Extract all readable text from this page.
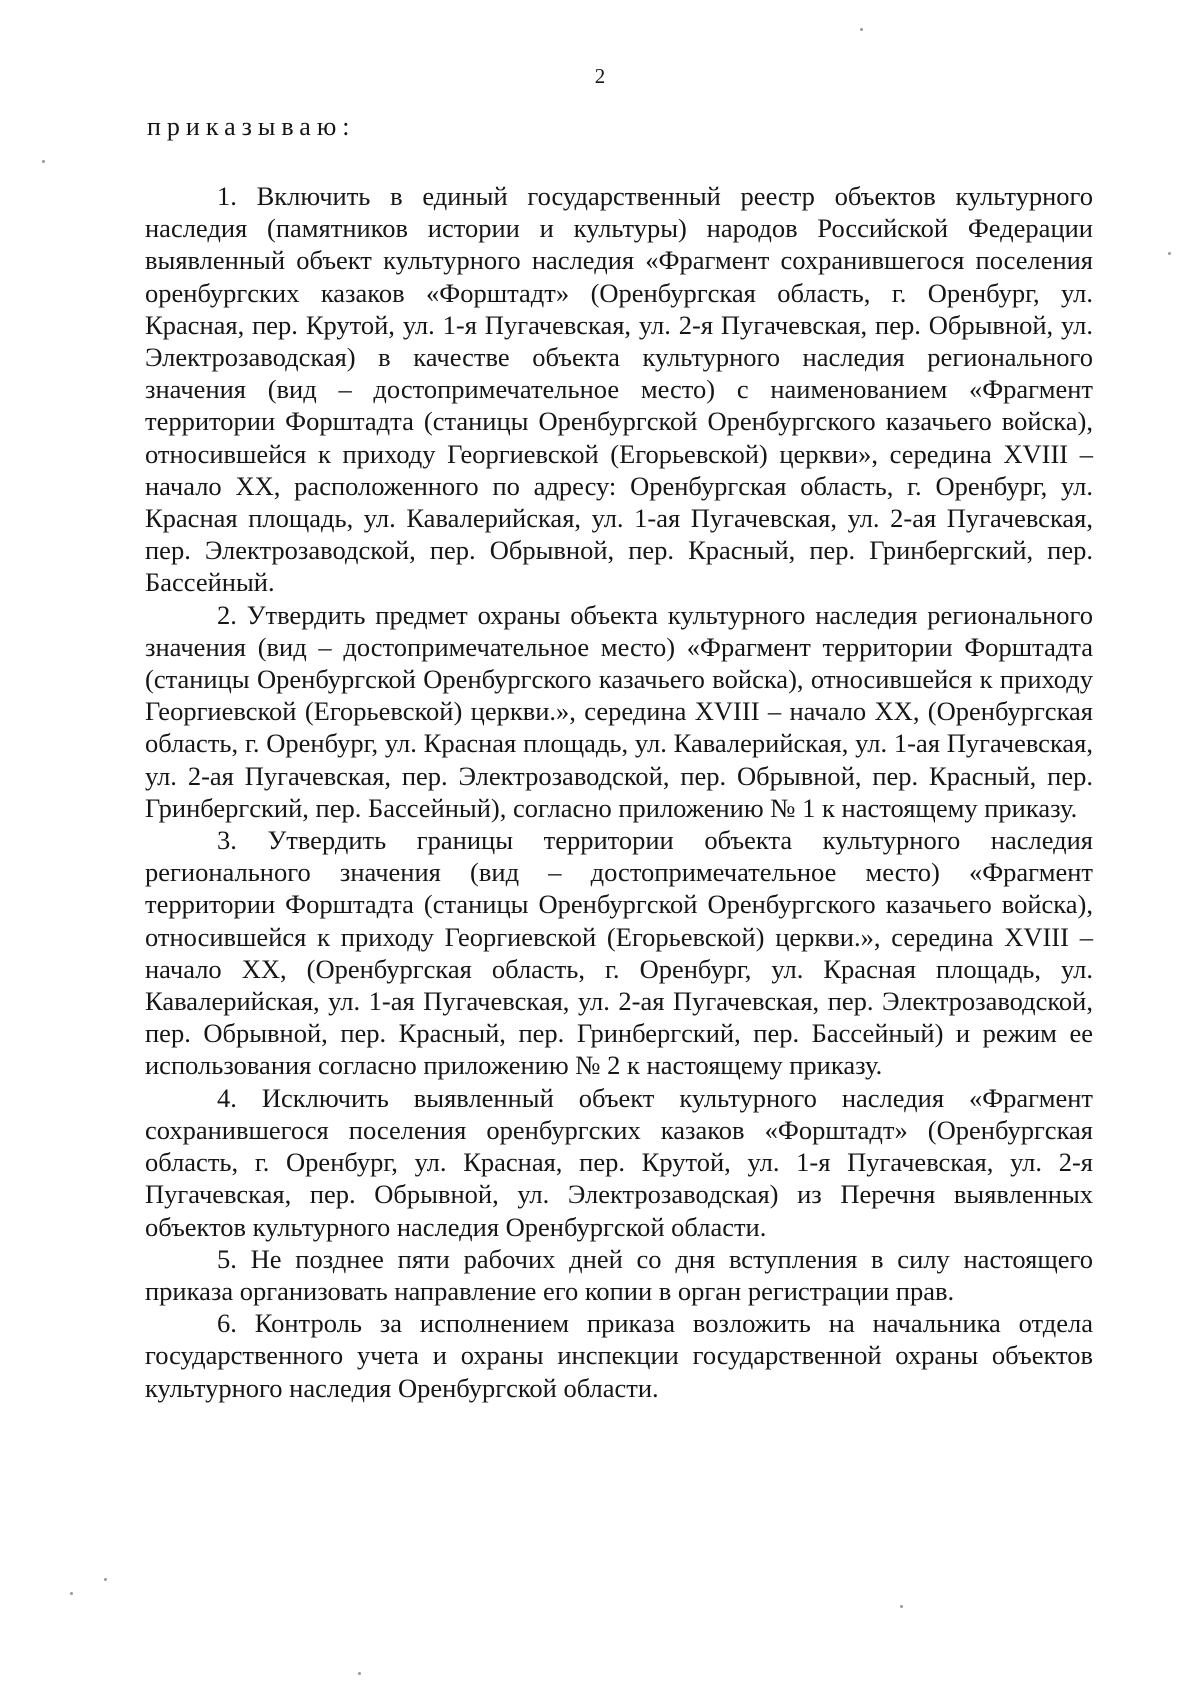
2
приказываю:

1. Включить в единый государственный реестр объектов культурного наследия (памятников истории и культуры) народов Российской Федерации выявленный объект культурного наследия «Фрагмент сохранившегося поселения оренбургских казаков «Форштадт» (Оренбургская область, г. Оренбург, ул. Красная, пер. Крутой, ул. 1-я Пугачевская, ул. 2-я Пугачевская, пер. Обрывной, ул. Электрозаводская) в качестве объекта культурного наследия регионального значения (вид – достопримечательное место) с наименованием «Фрагмент территории Форштадта (станицы Оренбургской Оренбургского казачьего войска), относившейся к приходу Георгиевской (Егорьевской) церкви», середина XVIII – начало XX, расположенного по адресу: Оренбургская область, г. Оренбург, ул. Красная площадь, ул. Кавалерийская, ул. 1-ая Пугачевская, ул. 2-ая Пугачевская, пер. Электрозаводской, пер. Обрывной, пер. Красный, пер. Гринбергский, пер. Бассейный.

2. Утвердить предмет охраны объекта культурного наследия регионального значения (вид – достопримечательное место) «Фрагмент территории Форштадта (станицы Оренбургской Оренбургского казачьего войска), относившейся к приходу Георгиевской (Егорьевской) церкви.», середина XVIII – начало XX, (Оренбургская область, г. Оренбург, ул. Красная площадь, ул. Кавалерийская, ул. 1-ая Пугачевская, ул. 2-ая Пугачевская, пер. Электрозаводской, пер. Обрывной, пер. Красный, пер. Гринбергский, пер. Бассейный), согласно приложению № 1 к настоящему приказу.

3. Утвердить границы территории объекта культурного наследия регионального значения (вид – достопримечательное место) «Фрагмент территории Форштадта (станицы Оренбургской Оренбургского казачьего войска), относившейся к приходу Георгиевской (Егорьевской) церкви.», середина XVIII – начало XX, (Оренбургская область, г. Оренбург, ул. Красная площадь, ул. Кавалерийская, ул. 1-ая Пугачевская, ул. 2-ая Пугачевская, пер. Электрозаводской, пер. Обрывной, пер. Красный, пер. Гринбергский, пер. Бассейный) и режим ее использования согласно приложению № 2 к настоящему приказу.

4. Исключить выявленный объект культурного наследия «Фрагмент сохранившегося поселения оренбургских казаков «Форштадт» (Оренбургская область, г. Оренбург, ул. Красная, пер. Крутой, ул. 1-я Пугачевская, ул. 2-я Пугачевская, пер. Обрывной, ул. Электрозаводская) из Перечня выявленных объектов культурного наследия Оренбургской области.

5. Не позднее пяти рабочих дней со дня вступления в силу настоящего приказа организовать направление его копии в орган регистрации прав.

6. Контроль за исполнением приказа возложить на начальника отдела государственного учета и охраны инспекции государственной охраны объектов культурного наследия Оренбургской области.
